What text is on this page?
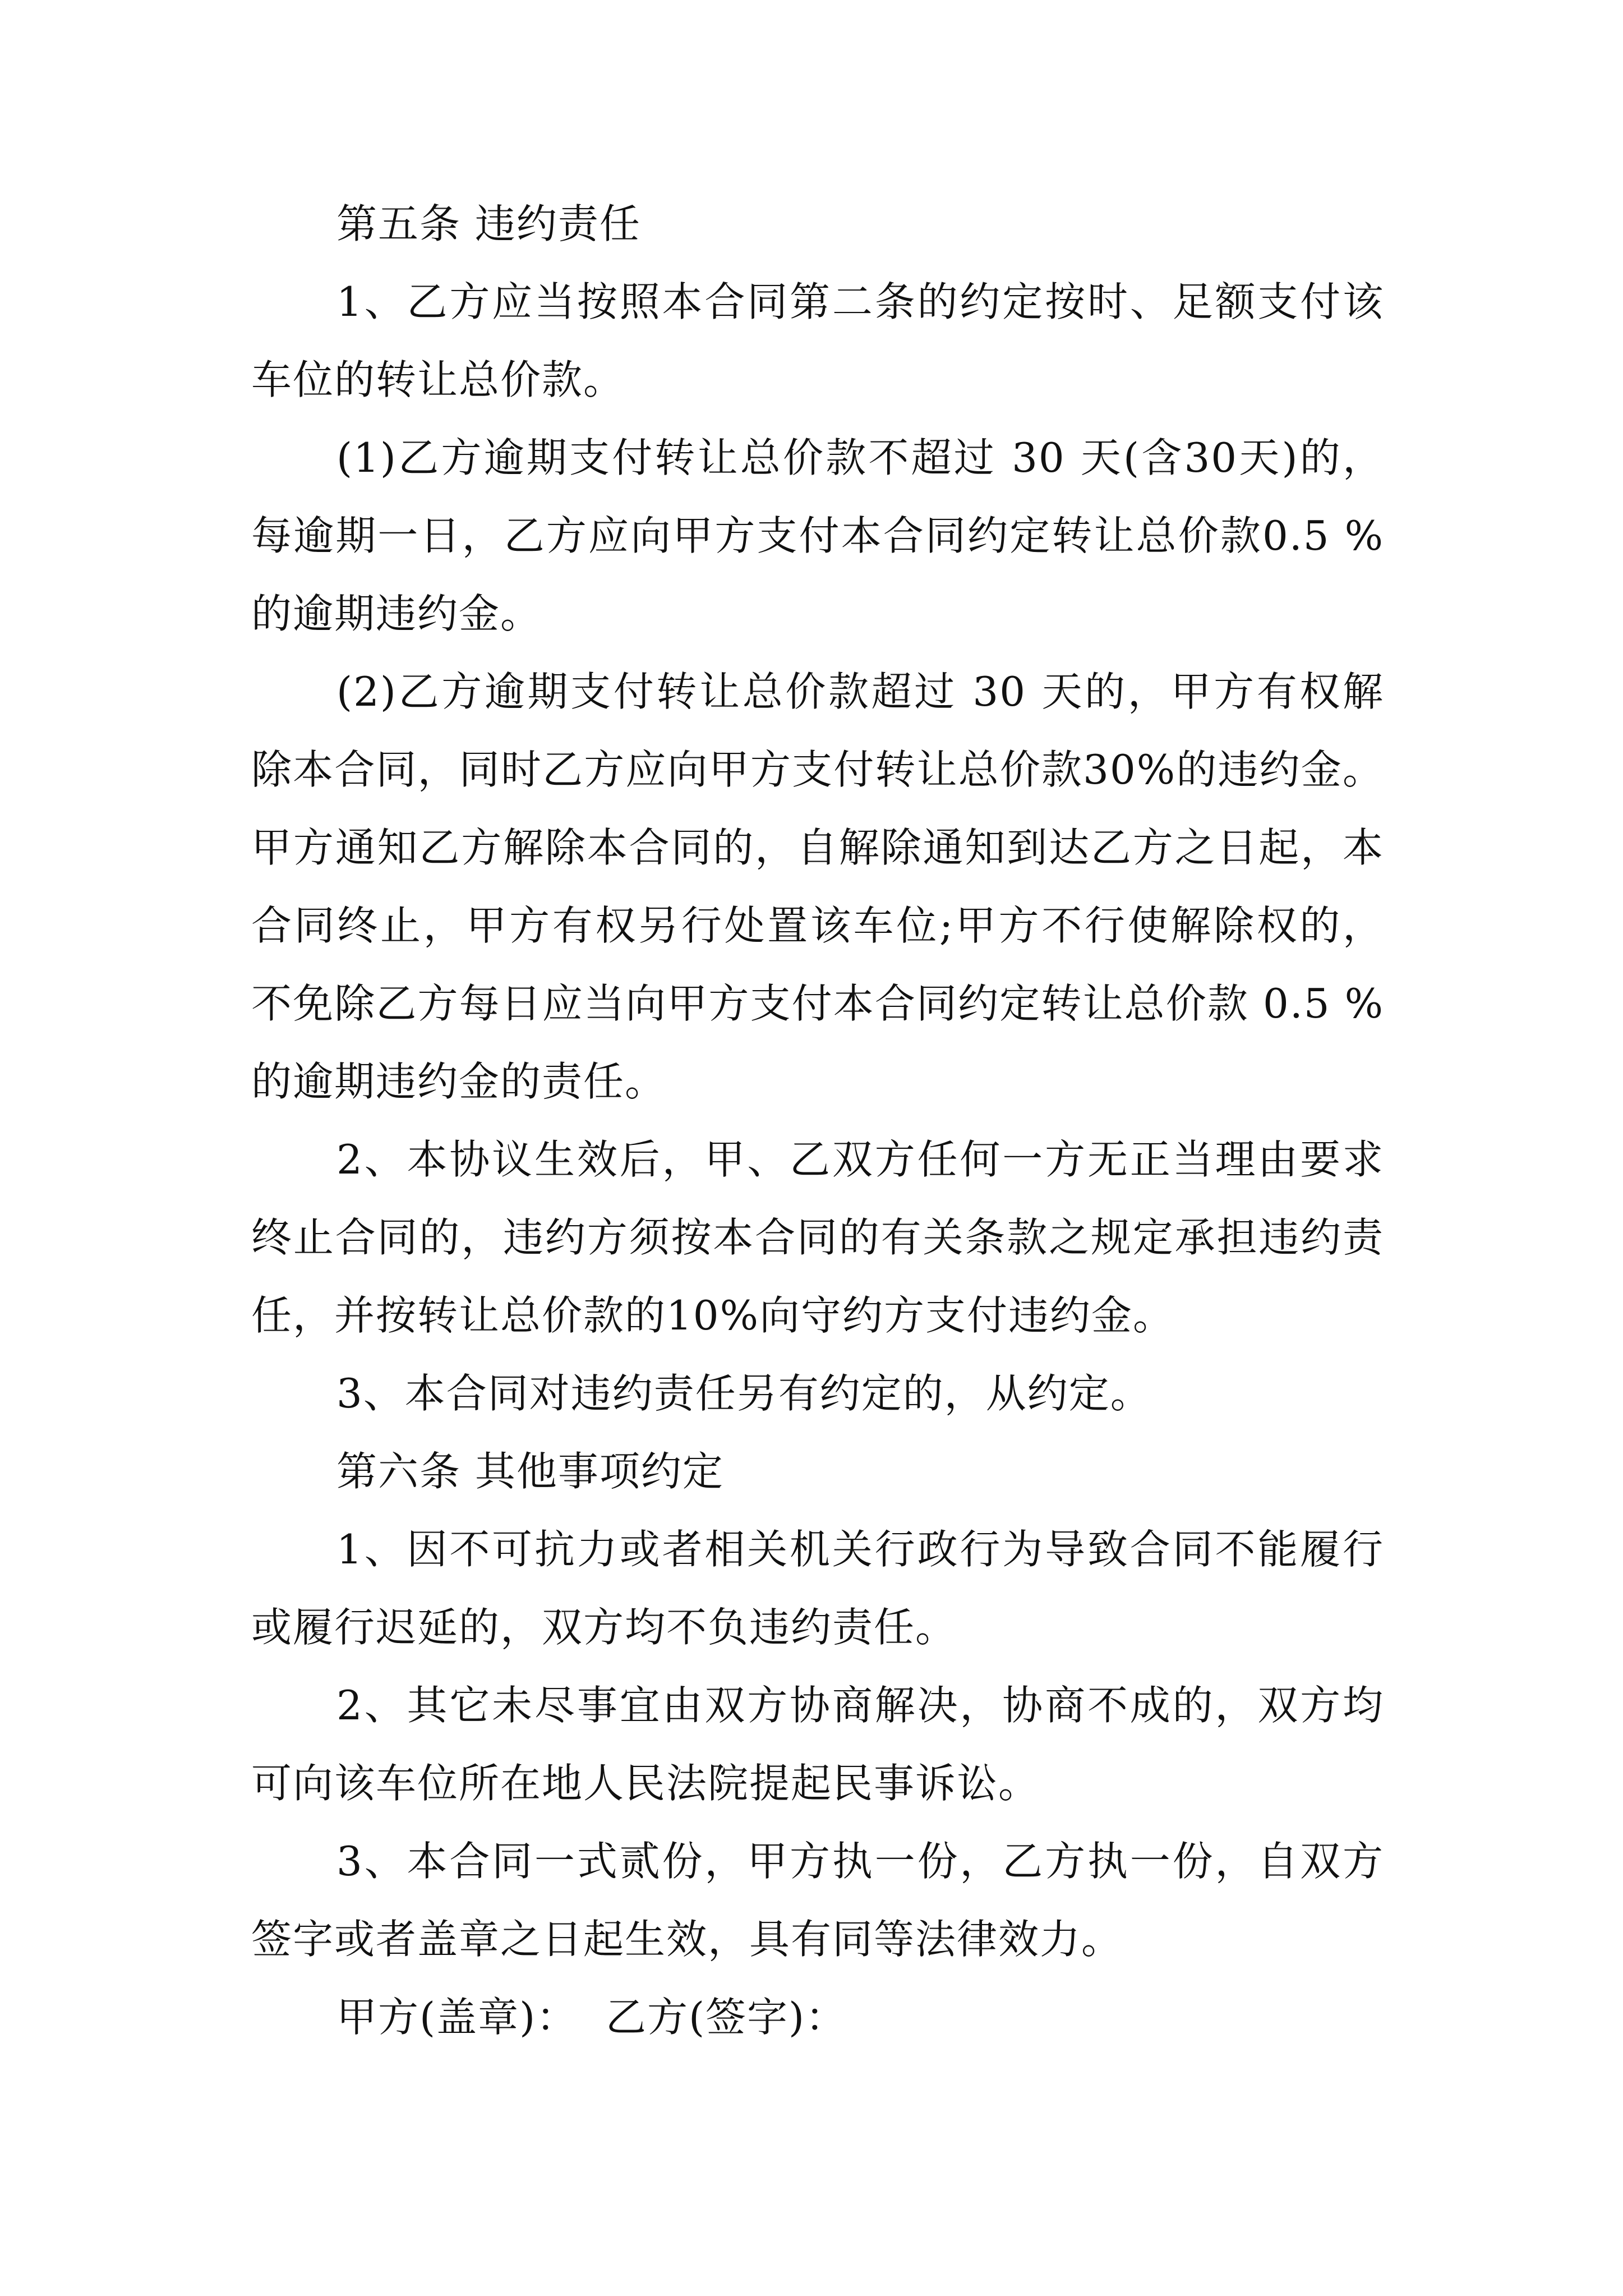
第五条 违约责任

1、乙方应当按照本合同第二条的约定按时、足额支付该车位的转让总价款。

(1)乙方逾期支付转让总价款不超过 30 天(含30天)的，每逾期一日，乙方应向甲方支付本合同约定转让总价款0.5 %的逾期违约金。

(2)乙方逾期支付转让总价款超过 30 天的，甲方有权解除本合同，同时乙方应向甲方支付转让总价款30%的违约金。甲方通知乙方解除本合同的，自解除通知到达乙方之日起，本合同终止，甲方有权另行处置该车位;甲方不行使解除权的，不免除乙方每日应当向甲方支付本合同约定转让总价款 0.5 %的逾期违约金的责任。

2、本协议生效后，甲、乙双方任何一方无正当理由要求终止合同的，违约方须按本合同的有关条款之规定承担违约责任，并按转让总价款的10%向守约方支付违约金。

3、本合同对违约责任另有约定的，从约定。

第六条 其他事项约定

1、因不可抗力或者相关机关行政行为导致合同不能履行或履行迟延的，双方均不负违约责任。

2、其它未尽事宜由双方协商解决，协商不成的，双方均可向该车位所在地人民法院提起民事诉讼。

3、本合同一式贰份，甲方执一份，乙方执一份，自双方签字或者盖章之日起生效，具有同等法律效力。

甲方(盖章)：  乙方(签字)：
